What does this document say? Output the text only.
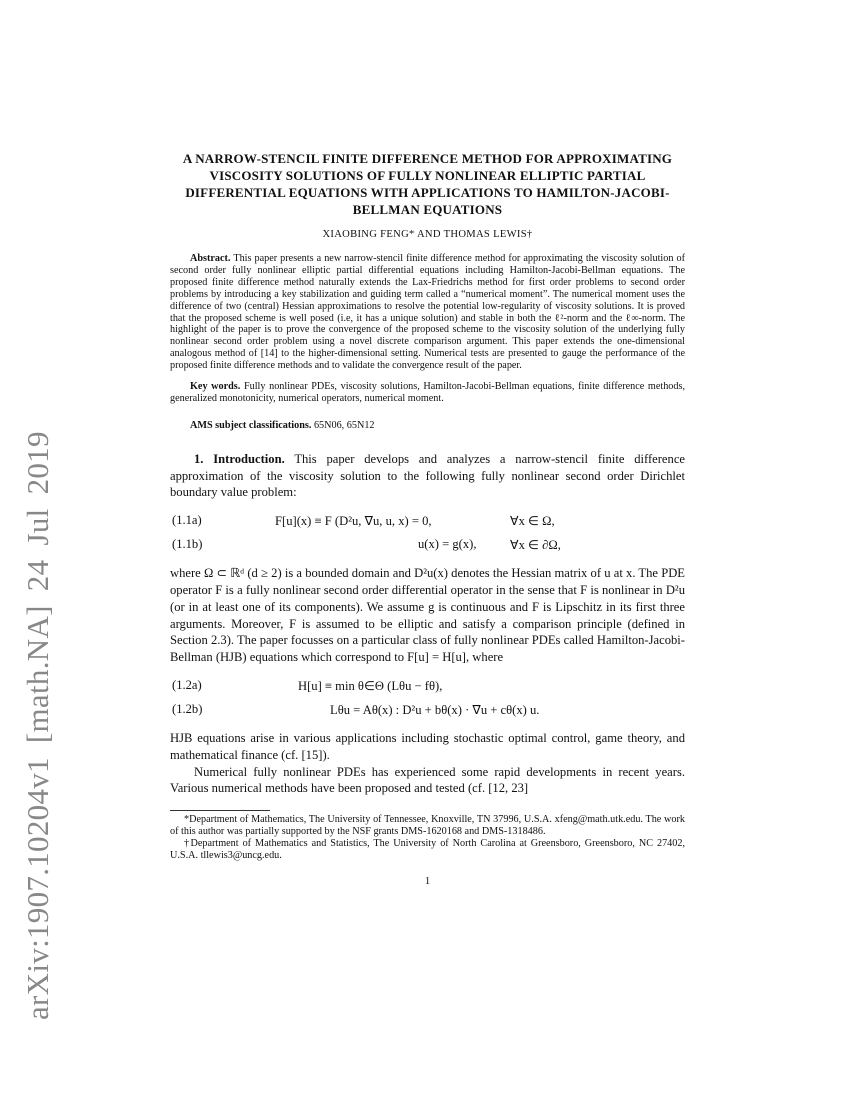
arXiv:1907.10204v1 [math.NA] 24 Jul 2019
A NARROW-STENCIL FINITE DIFFERENCE METHOD FOR APPROXIMATING VISCOSITY SOLUTIONS OF FULLY NONLINEAR ELLIPTIC PARTIAL DIFFERENTIAL EQUATIONS WITH APPLICATIONS TO HAMILTON-JACOBI-BELLMAN EQUATIONS
XIAOBING FENG* AND THOMAS LEWIS†

Abstract. This paper presents a new narrow-stencil finite difference method for approximating the viscosity solution of second order fully nonlinear elliptic partial differential equations including Hamilton-Jacobi-Bellman equations. The proposed finite difference method naturally extends the Lax-Friedrichs method for first order problems to second order problems by introducing a key stabilization and guiding term called a “numerical moment”. The numerical moment uses the difference of two (central) Hessian approximations to resolve the potential low-regularity of viscosity solutions. It is proved that the proposed scheme is well posed (i.e, it has a unique solution) and stable in both the ℓ²-norm and the ℓ∞-norm. The highlight of the paper is to prove the convergence of the proposed scheme to the viscosity solution of the underlying fully nonlinear second order problem using a novel discrete comparison argument. This paper extends the one-dimensional analogous method of [14] to the higher-dimensional setting. Numerical tests are presented to gauge the performance of the proposed finite difference methods and to validate the convergence result of the paper.

Key words. Fully nonlinear PDEs, viscosity solutions, Hamilton-Jacobi-Bellman equations, finite difference methods, generalized monotonicity, numerical operators, numerical moment.

AMS subject classifications. 65N06, 65N12

1. Introduction. This paper develops and analyzes a narrow-stencil finite difference approximation of the viscosity solution to the following fully nonlinear second order Dirichlet boundary value problem:

(1.1a)	F[u](x) ≡ F (D²u, ∇u, u, x) = 0,	∀x ∈ Ω,
(1.1b)	u(x) = g(x),	∀x ∈ ∂Ω,

where Ω ⊂ ℝᵈ (d ≥ 2) is a bounded domain and D²u(x) denotes the Hessian matrix of u at x. The PDE operator F is a fully nonlinear second order differential operator in the sense that F is nonlinear in D²u (or in at least one of its components). We assume g is continuous and F is Lipschitz in its first three arguments. Moreover, F is assumed to be elliptic and satisfy a comparison principle (defined in Section 2.3). The paper focusses on a particular class of fully nonlinear PDEs called Hamilton-Jacobi-Bellman (HJB) equations which correspond to F[u] = H[u], where

(1.2a)	H[u] ≡ min θ∈Θ (Lθu − fθ),
(1.2b)	Lθu = Aθ(x) : D²u + bθ(x) · ∇u + cθ(x) u.

HJB equations arise in various applications including stochastic optimal control, game theory, and mathematical finance (cf. [15]).

Numerical fully nonlinear PDEs has experienced some rapid developments in recent years. Various numerical methods have been proposed and tested (cf. [12, 23]

*Department of Mathematics, The University of Tennessee, Knoxville, TN 37996, U.S.A. xfeng@math.utk.edu. The work of this author was partially supported by the NSF grants DMS-1620168 and DMS-1318486.

†Department of Mathematics and Statistics, The University of North Carolina at Greensboro, Greensboro, NC 27402, U.S.A. tllewis3@uncg.edu.

1
